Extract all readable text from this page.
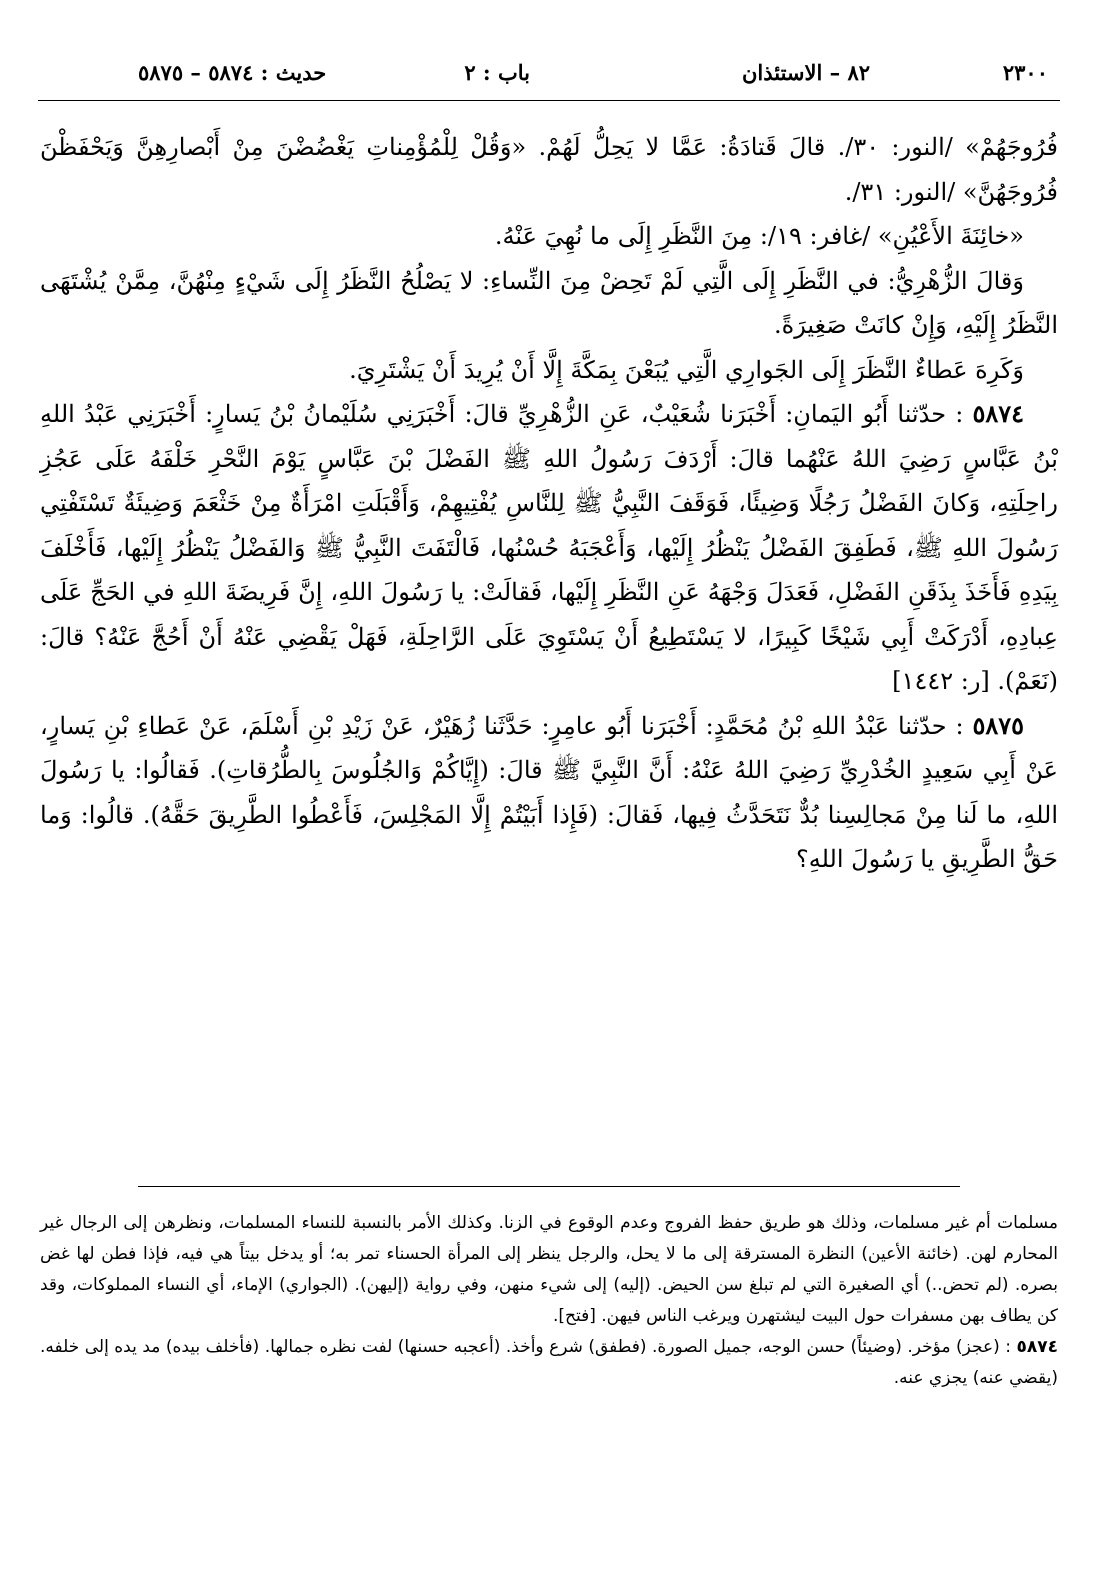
٢٣٠٠
٨٢ – الاستئذان
باب : ٢
حديث : ٥٨٧٤ – ٥٨٧٥

فُرُوجَهُمْ» /النور: ٣٠/. قالَ قَتادَةُ: عَمَّا لا يَحِلُّ لَهُمْ. «وَقُلْ لِلْمُؤْمِناتِ يَغْضُضْنَ مِنْ أَبْصارِهِنَّ وَيَحْفَظْنَ فُرُوجَهُنَّ» /النور: ٣١/.

«خائِنَةَ الأَعْيُنِ» /غافر: ١٩/: مِنَ النَّظَرِ إِلَى ما نُهِيَ عَنْهُ.

وَقالَ الزُّهْرِيُّ: في النَّظَرِ إِلَى الَّتِي لَمْ تَحِضْ مِنَ النِّساءِ: لا يَصْلُحُ النَّظَرُ إِلَى شَيْءٍ مِنْهُنَّ، مِمَّنْ يُشْتَهَى النَّظَرُ إِلَيْهِ، وَإِنْ كانَتْ صَغِيرَةً.

وَكَرِهَ عَطاءٌ النَّظَرَ إِلَى الجَوارِي الَّتِي يُبَعْنَ بِمَكَّةَ إِلَّا أَنْ يُرِيدَ أَنْ يَشْتَرِيَ.

٥٨٧٤ : حدّثنا أَبُو اليَمانِ: أَخْبَرَنا شُعَيْبٌ، عَنِ الزُّهْرِيِّ قالَ: أَخْبَرَنِي سُلَيْمانُ بْنُ يَسارٍ: أَخْبَرَنِي عَبْدُ اللهِ بْنُ عَبَّاسٍ رَضِيَ اللهُ عَنْهُما قالَ: أَرْدَفَ رَسُولُ اللهِ ﷺ الفَضْلَ بْنَ عَبَّاسٍ يَوْمَ النَّحْرِ خَلْفَهُ عَلَى عَجُزِ راحِلَتِهِ، وَكانَ الفَضْلُ رَجُلًا وَضِيئًا، فَوَقَفَ النَّبِيُّ ﷺ لِلنَّاسِ يُفْتِيهِمْ، وَأَقْبَلَتِ امْرَأَةٌ مِنْ خَثْعَمَ وَضِيئَةٌ تَسْتَفْتِي رَسُولَ اللهِ ﷺ، فَطَفِقَ الفَضْلُ يَنْظُرُ إِلَيْها، وَأَعْجَبَهُ حُسْنُها، فَالْتَفَتَ النَّبِيُّ ﷺ وَالفَضْلُ يَنْظُرُ إِلَيْها، فَأَخْلَفَ بِيَدِهِ فَأَخَذَ بِذَقَنِ الفَضْلِ، فَعَدَلَ وَجْهَهُ عَنِ النَّظَرِ إِلَيْها، فَقالَتْ: يا رَسُولَ اللهِ، إِنَّ فَرِيضَةَ اللهِ في الحَجِّ عَلَى عِبادِهِ، أَدْرَكَتْ أَبِي شَيْخًا كَبِيرًا، لا يَسْتَطِيعُ أَنْ يَسْتَوِيَ عَلَى الرَّاحِلَةِ، فَهَلْ يَقْضِي عَنْهُ أَنْ أَحُجَّ عَنْهُ؟ قالَ: (نَعَمْ). [ر: ١٤٤٢]

٥٨٧٥ : حدّثنا عَبْدُ اللهِ بْنُ مُحَمَّدٍ: أَخْبَرَنا أَبُو عامِرٍ: حَدَّثَنا زُهَيْرٌ، عَنْ زَيْدِ بْنِ أَسْلَمَ، عَنْ عَطاءِ بْنِ يَسارٍ، عَنْ أَبِي سَعِيدٍ الخُدْرِيِّ رَضِيَ اللهُ عَنْهُ: أَنَّ النَّبِيَّ ﷺ قالَ: (إِيَّاكُمْ وَالجُلُوسَ بِالطُّرُقاتِ). فَقالُوا: يا رَسُولَ اللهِ، ما لَنا مِنْ مَجالِسِنا بُدٌّ نَتَحَدَّثُ فِيها، فَقالَ: (فَإِذا أَبَيْتُمْ إِلَّا المَجْلِسَ، فَأَعْطُوا الطَّرِيقَ حَقَّهُ). قالُوا: وَما حَقُّ الطَّرِيقِ يا رَسُولَ اللهِ؟

مسلمات أم غير مسلمات، وذلك هو طريق حفظ الفروج وعدم الوقوع في الزنا. وكذلك الأمر بالنسبة للنساء المسلمات، ونظرهن إلى الرجال غير المحارم لهن. (خائنة الأعين) النظرة المسترقة إلى ما لا يحل، والرجل ينظر إلى المرأة الحسناء تمر به؛ أو يدخل بيتاً هي فيه، فإذا فطن لها غض بصره. (لم تحض..) أي الصغيرة التي لم تبلغ سن الحيض. (إليه) إلى شيء منهن، وفي رواية (إليهن). (الجواري) الإماء، أي النساء المملوكات، وقد كن يطاف بهن مسفرات حول البيت ليشتهرن ويرغب الناس فيهن. [فتح].

٥٨٧٤ : (عجز) مؤخر. (وضيئاً) حسن الوجه، جميل الصورة. (فطفق) شرع وأخذ. (أعجبه حسنها) لفت نظره جمالها. (فأخلف بيده) مد يده إلى خلفه. (يقضي عنه) يجزي عنه.
